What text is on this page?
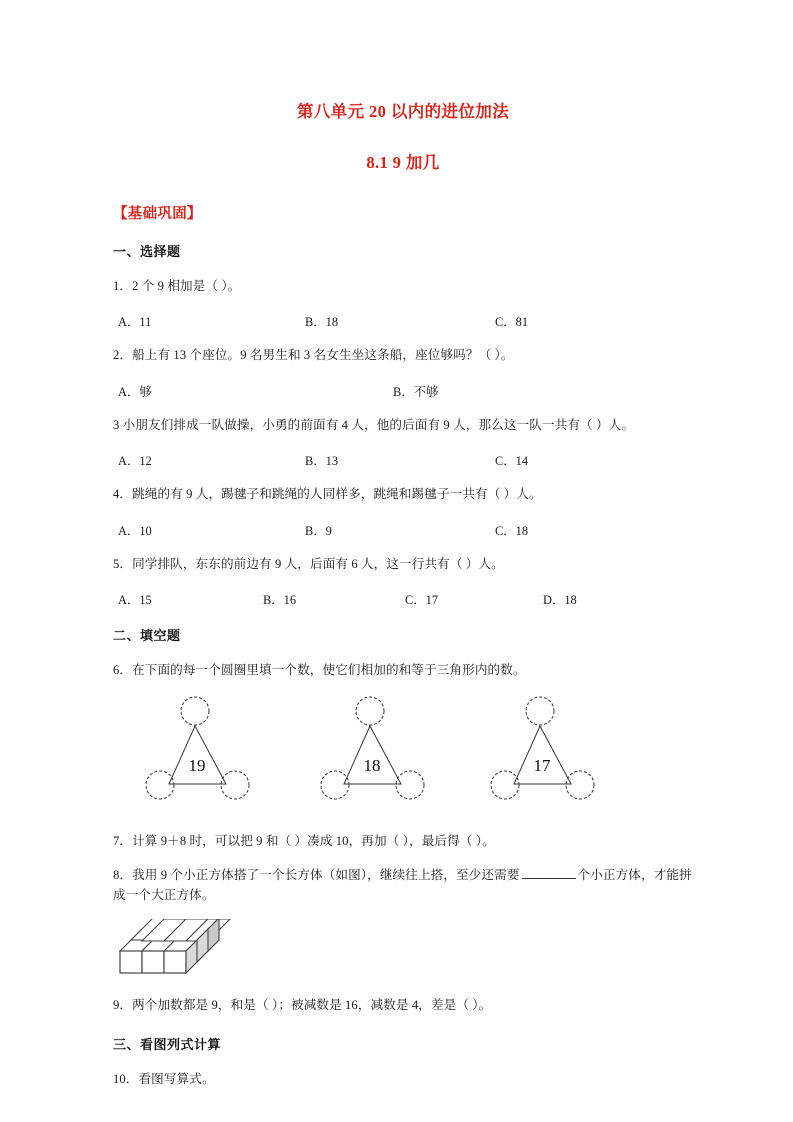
第八单元 20 以内的进位加法
8.1 9 加几
【基础巩固】
一、选择题
1．2 个 9 相加是（ ）。
A．11	B．18	C．81
2．船上有 13 个座位。9 名男生和 3 名女生坐这条船，座位够吗？（ ）。
A．够	B．不够
3 小朋友们排成一队做操，小勇的前面有 4 人，他的后面有 9 人，那么这一队一共有（ ）人。
A．12	B．13	C．14
4．跳绳的有 9 人，踢毽子和跳绳的人同样多，跳绳和踢毽子一共有（ ）人。
A．10	B．9	C．18
5．同学排队，东东的前边有 9 人，后面有 6 人，这一行共有（ ）人。
A．15	B．16	C．17	D．18
二、填空题
6．在下面的每一个圆圈里填一个数，使它们相加的和等于三角形内的数。
19	18	17
7．计算 9＋8 时，可以把 9 和（ ）凑成 10，再加（ ），最后得（ ）。
8．我用 9 个小正方体搭了一个长方体（如图），继续往上搭，至少还需要	个小正方体，才能拼成一个大正方体。
9．两个加数都是 9，和是（ ）；被减数是 16，减数是 4，差是（ ）。
三、看图列式计算
10．看图写算式。
